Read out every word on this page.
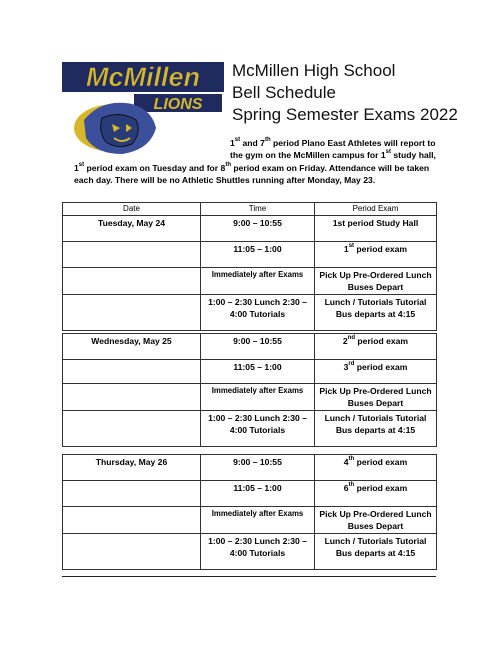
McMillen
LIONS
McMillen High School
Bell Schedule
Spring Semester Exams 2022
1st and 7th period Plano East Athletes will report to
the gym on the McMillen campus for 1st study hall,
1st period exam on Tuesday and for 8th period exam on Friday. Attendance will be taken
each day. There will be no Athletic Shuttles running after Monday, May 23.
Date	Time	Period Exam
Tuesday, May 24	9:00 – 10:55	1st period Study Hall
	11:05 – 1:00	1st period exam
	Immediately after Exams	Pick Up Pre-Ordered Lunch Buses Depart
	1:00 – 2:30 Lunch 2:30 – 4:00 Tutorials	Lunch / Tutorials Tutorial Bus departs at 4:15
Wednesday, May 25	9:00 – 10:55	2nd period exam
	11:05 – 1:00	3rd period exam
	Immediately after Exams	Pick Up Pre-Ordered Lunch Buses Depart
	1:00 – 2:30 Lunch 2:30 – 4:00 Tutorials	Lunch / Tutorials Tutorial Bus departs at 4:15
Thursday, May 26	9:00 – 10:55	4th period exam
	11:05 – 1:00	6th period exam
	Immediately after Exams	Pick Up Pre-Ordered Lunch Buses Depart
	1:00 – 2:30 Lunch 2:30 – 4:00 Tutorials	Lunch / Tutorials Tutorial Bus departs at 4:15
